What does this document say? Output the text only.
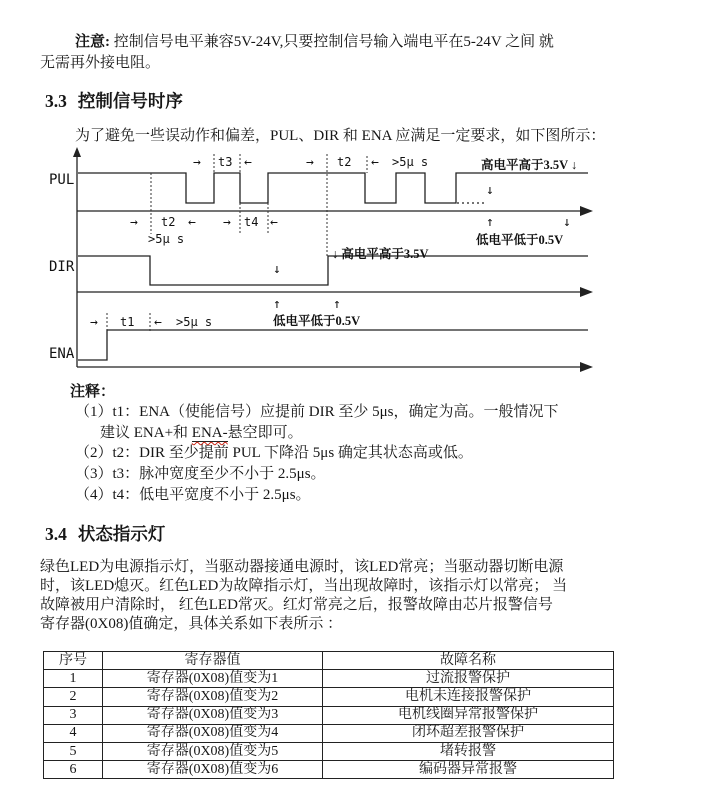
注意: 控制信号电平兼容5V-24V,只要控制信号输入端电平在5-24V 之间 就
无需再外接电阻。
3.3 控制信号时序
为了避免一些误动作和偏差，PUL、DIR 和 ENA 应满足一定要求，如下图所示：
PUL
DIR
ENA
→ t3 ←	→ t2 ← >5μ s	高电平高于3.5V ↓
→ t2 ← → t4 ←
>5μ s
↓
↑	↓
低电平低于0.5V
↓ 高电平高于3.5V
↓
↑	↑
低电平低于0.5V
→ t1 ← >5μ s
注释：
（1）t1：ENA（使能信号）应提前 DIR 至少 5μs，确定为高。一般情况下
建议 ENA+和 ENA-悬空即可。
（2）t2：DIR 至少提前 PUL 下降沿 5μs 确定其状态高或低。
（3）t3：脉冲宽度至少不小于 2.5μs。
（4）t4：低电平宽度不小于 2.5μs。
3.4 状态指示灯
绿色LED为电源指示灯，当驱动器接通电源时，该LED常亮；当驱动器切断电源
时，该LED熄灭。红色LED为故障指示灯，当出现故障时，该指示灯以常亮； 当
故障被用户清除时， 红色LED常灭。红灯常亮之后，报警故障由芯片报警信号
寄存器(0X08)值确定，具体关系如下表所示 ：
序号	寄存器值	故障名称
1	寄存器(0X08)值变为1	过流报警保护
2	寄存器(0X08)值变为2	电机未连接报警保护
3	寄存器(0X08)值变为3	电机线圈异常报警保护
4	寄存器(0X08)值变为4	闭环超差报警保护
5	寄存器(0X08)值变为5	堵转报警
6	寄存器(0X08)值变为6	编码器异常报警
